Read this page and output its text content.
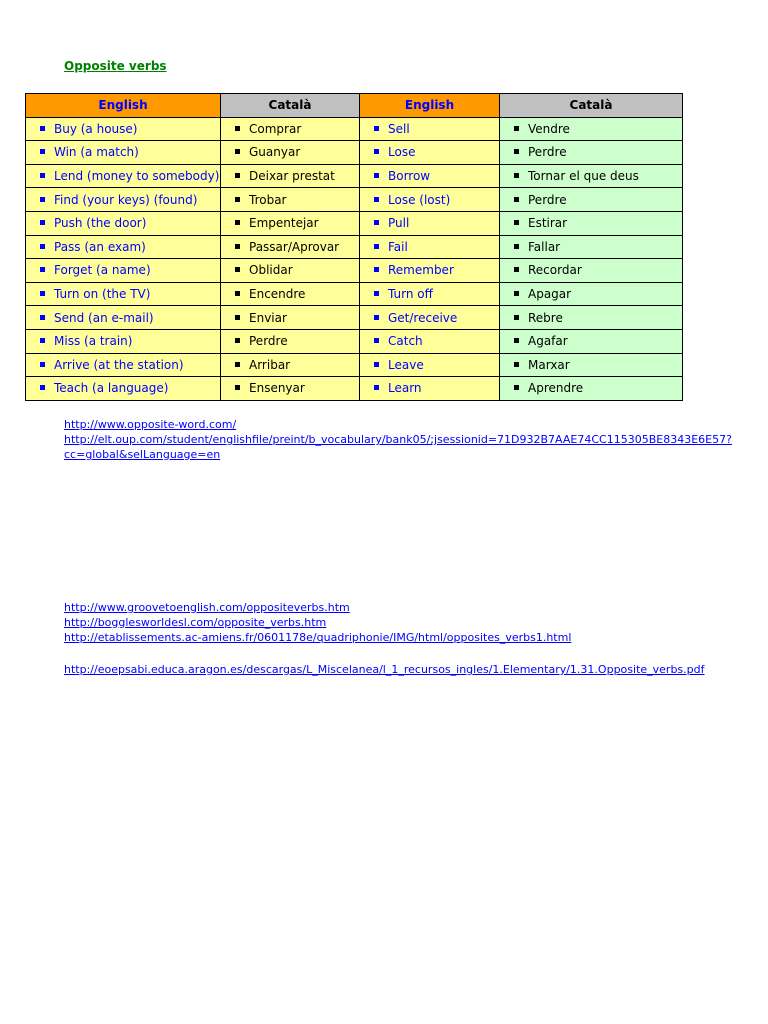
Opposite verbs
English	Català	English	Català
Buy (a house)	Comprar	Sell	Vendre
Win (a match)	Guanyar	Lose	Perdre
Lend (money to somebody)	Deixar prestat	Borrow	Tornar el que deus
Find (your keys) (found)	Trobar	Lose (lost)	Perdre
Push (the door)	Empentejar	Pull	Estirar
Pass (an exam)	Passar/Aprovar	Fail	Fallar
Forget (a name)	Oblidar	Remember	Recordar
Turn on (the TV)	Encendre	Turn off	Apagar
Send (an e-mail)	Enviar	Get/receive	Rebre
Miss (a train)	Perdre	Catch	Agafar
Arrive (at the station)	Arribar	Leave	Marxar
Teach (a language)	Ensenyar	Learn	Aprendre
http://www.opposite-word.com/
http://elt.oup.com/student/englishfile/preint/b_vocabulary/bank05/;jsessionid=71D932B7AAE74CC115305BE8343E6E57?
cc=global&selLanguage=en
http://www.groovetoenglish.com/oppositeverbs.htm
http://bogglesworldesl.com/opposite_verbs.htm
http://etablissements.ac-amiens.fr/0601178e/quadriphonie/IMG/html/opposites_verbs1.html
http://eoepsabi.educa.aragon.es/descargas/L_Miscelanea/l_1_recursos_ingles/1.Elementary/1.31.Opposite_verbs.pdf
